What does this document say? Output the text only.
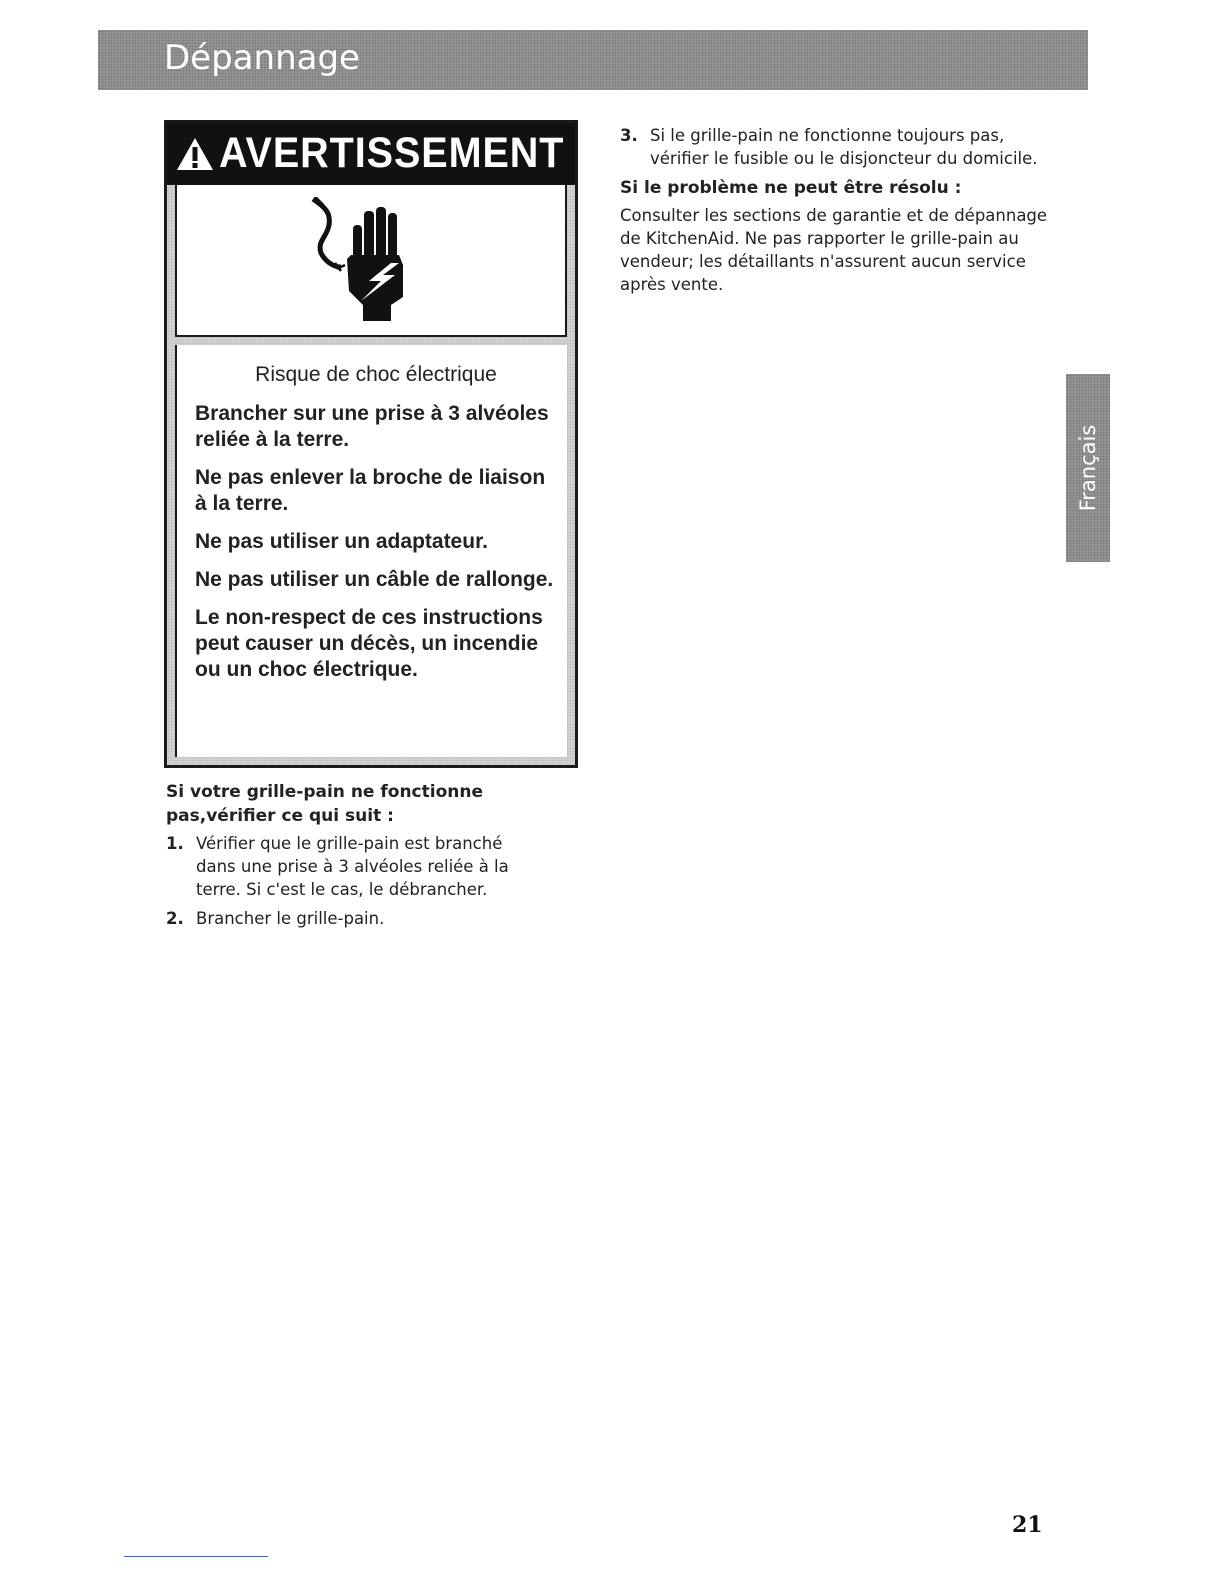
Dépannage
AVERTISSEMENT

Risque de choc électrique

Brancher sur une prise à 3 alvéoles reliée à la terre.

Ne pas enlever la broche de liaison à la terre.

Ne pas utiliser un adaptateur.

Ne pas utiliser un câble de rallonge.

Le non-respect de ces instructions peut causer un décès, un incendie ou un choc électrique.

Si votre grille-pain ne fonctionne pas,vérifier ce qui suit :

1. Vérifier que le grille-pain est branché dans une prise à 3 alvéoles reliée à la terre. Si c'est le cas, le débrancher.
2. Brancher le grille-pain.
3. Si le grille-pain ne fonctionne toujours pas, vérifier le fusible ou le disjoncteur du domicile.

Si le problème ne peut être résolu :

Consulter les sections de garantie et de dépannage de KitchenAid. Ne pas rapporter le grille-pain au vendeur; les détaillants n'assurent aucun service après vente.

Français
21
